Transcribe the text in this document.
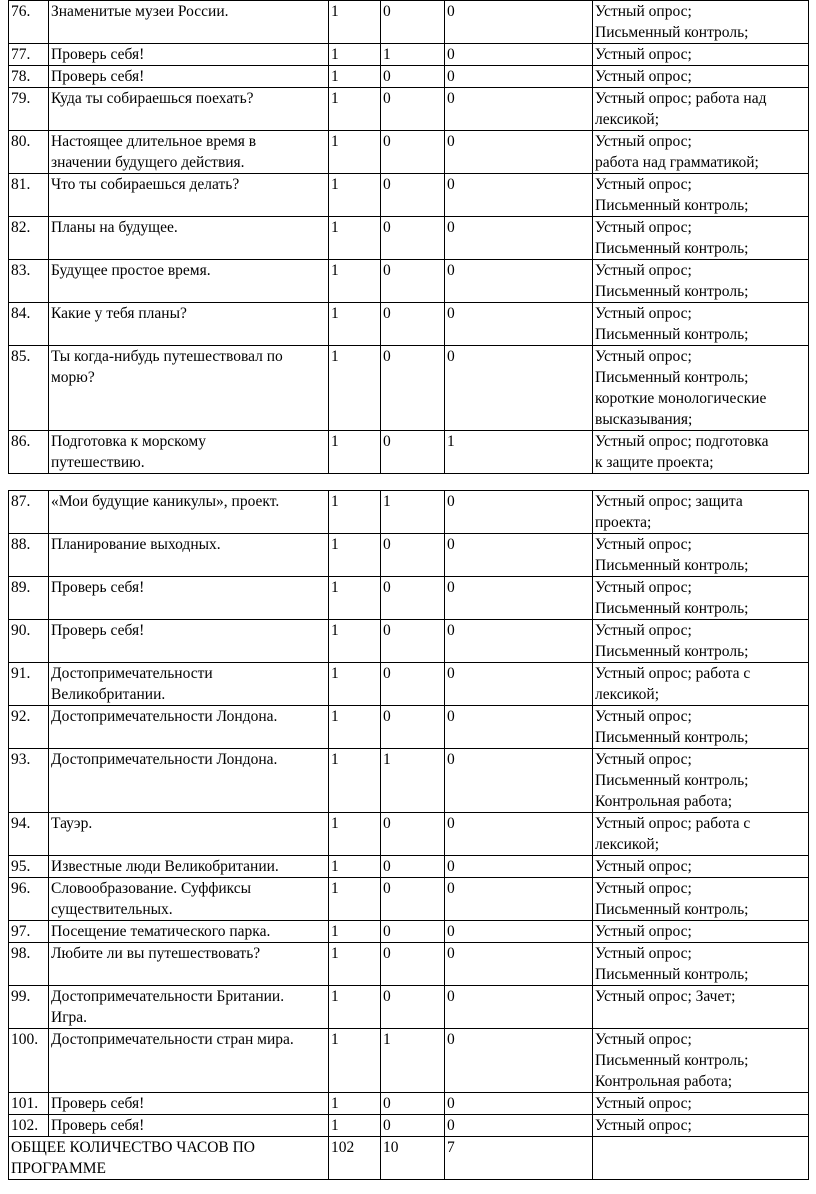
76.	Знаменитые музеи России.	1	0	0	Устный опрос;
Письменный контроль;
77.	Проверь себя!	1	1	0	Устный опрос;
78.	Проверь себя!	1	0	0	Устный опрос;
79.	Куда ты собираешься поехать?	1	0	0	Устный опрос; работа над
лексикой;
80.	Настоящее длительное время в
значении будущего действия.	1	0	0	Устный опрос;
работа над грамматикой;
81.	Что ты собираешься делать?	1	0	0	Устный опрос;
Письменный контроль;
82.	Планы на будущее.	1	0	0	Устный опрос;
Письменный контроль;
83.	Будущее простое время.	1	0	0	Устный опрос;
Письменный контроль;
84.	Какие у тебя планы?	1	0	0	Устный опрос;
Письменный контроль;
85.	Ты когда-нибудь путешествовал по
морю?	1	0	0	Устный опрос;
Письменный контроль;
короткие монологические
высказывания;
86.	Подготовка к морскому
путешествию.	1	0	1	Устный опрос; подготовка
к защите проекта;
87.	«Мои будущие каникулы», проект.	1	1	0	Устный опрос; защита
проекта;
88.	Планирование выходных.	1	0	0	Устный опрос;
Письменный контроль;
89.	Проверь себя!	1	0	0	Устный опрос;
Письменный контроль;
90.	Проверь себя!	1	0	0	Устный опрос;
Письменный контроль;
91.	Достопримечательности
Великобритании.	1	0	0	Устный опрос; работа с
лексикой;
92.	Достопримечательности Лондона.	1	0	0	Устный опрос;
Письменный контроль;
93.	Достопримечательности Лондона.	1	1	0	Устный опрос;
Письменный контроль;
Контрольная работа;
94.	Тауэр.	1	0	0	Устный опрос; работа с
лексикой;
95.	Известные люди Великобритании.	1	0	0	Устный опрос;
96.	Словообразование. Суффиксы
существительных.	1	0	0	Устный опрос;
Письменный контроль;
97.	Посещение тематического парка.	1	0	0	Устный опрос;
98.	Любите ли вы путешествовать?	1	0	0	Устный опрос;
Письменный контроль;
99.	Достопримечательности Британии.
Игра.	1	0	0	Устный опрос; Зачет;
100.	Достопримечательности стран мира.	1	1	0	Устный опрос;
Письменный контроль;
Контрольная работа;
101.	Проверь себя!	1	0	0	Устный опрос;
102.	Проверь себя!	1	0	0	Устный опрос;
ОБЩЕЕ КОЛИЧЕСТВО ЧАСОВ ПО
ПРОГРАММЕ		102	10	7	
